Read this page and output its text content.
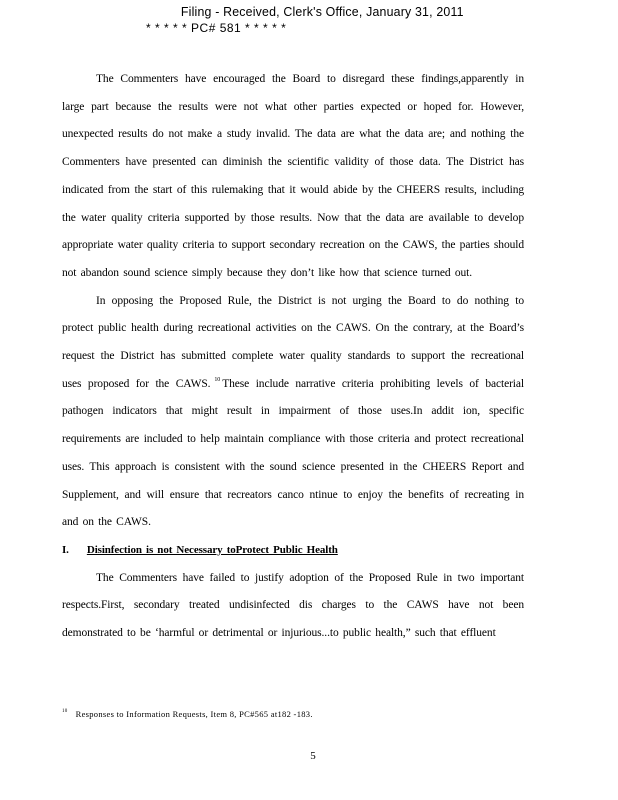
Filing - Received, Clerk's Office, January 31, 2011
* * * * * PC# 581 * * * * *

The Commenters have encouraged the Board to disregard these findings,apparently in large part because the results were not what other parties expected or hoped for. However, unexpected results do not make a study invalid. The data are what the data are; and nothing the Commenters have presented can diminish the scientific validity of those data. The District has indicated from the start of this rulemaking that it would abide by the CHEERS results, including the water quality criteria supported by those results. Now that the data are available to develop appropriate water quality criteria to support secondary recreation on the CAWS, the parties should not abandon sound science simply because they don’t like how that science turned out.

In opposing the Proposed Rule, the District is not urging the Board to do nothing to protect public health during recreational activities on the CAWS. On the contrary, at the Board’s request the District has submitted complete water quality standards to support the recreational uses proposed for the CAWS. $^{10}$ These include narrative criteria prohibiting levels of bacterial pathogen indicators that might result in impairment of those uses.In addit ion, specific requirements are included to help maintain compliance with those criteria and protect recreational uses. This approach is consistent with the sound science presented in the CHEERS Report and Supplement, and will ensure that recreators canco ntinue to enjoy the benefits of recreating in and on the CAWS.

I. Disinfection is not Necessary toProtect Public Health

The Commenters have failed to justify adoption of the Proposed Rule in two important respects.First, secondary treated undisinfected dis charges to the CAWS have not been demonstrated to be ‘harmful or detrimental or injurious...to public health,” such that effluent

$^{10}$ Responses to Information Requests, Item 8, PC#565 at182 -183.
5
